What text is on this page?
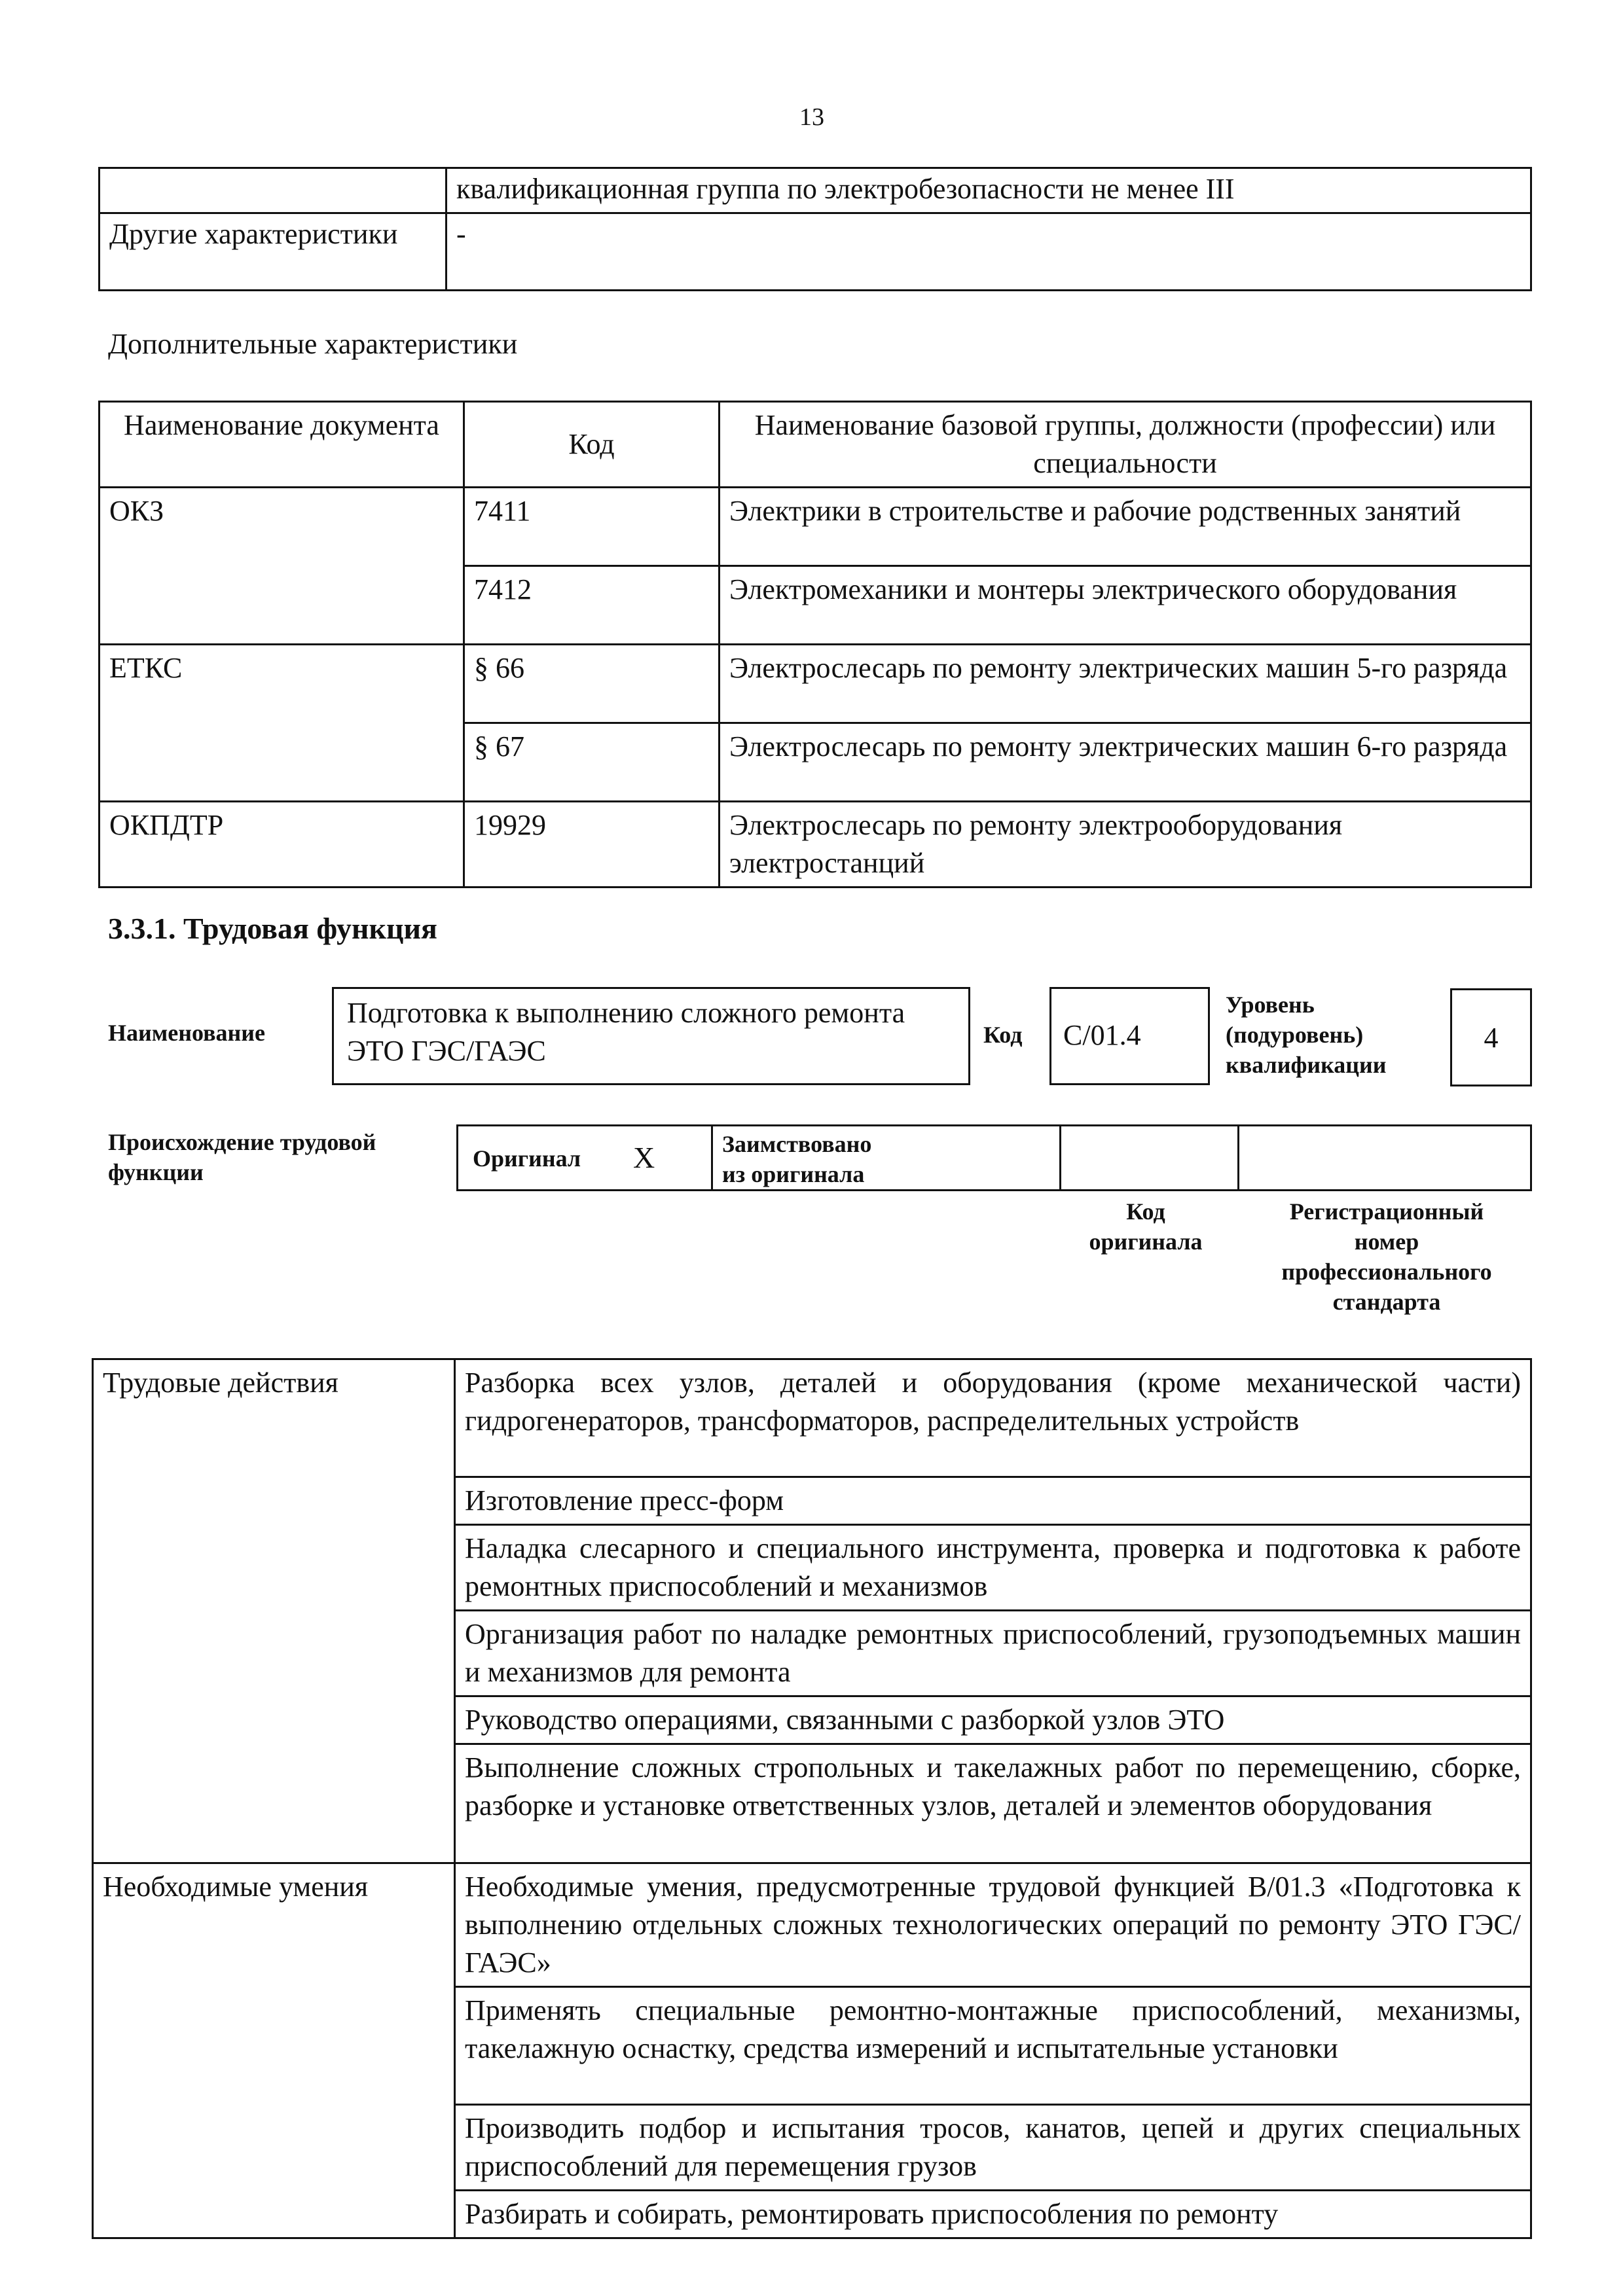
13
	квалификационная группа по электробезопасности не менее III
Другие характеристики	-
Дополнительные характеристики
Наименование документа	Код	Наименование базовой группы, должности (профессии) или специальности
ОКЗ	7411	Электрики в строительстве и рабочие родственных занятий
	7412	Электромеханики и монтеры электрического оборудования
ЕТКС	§ 66	Электрослесарь по ремонту электрических машин 5-го разряда
	§ 67	Электрослесарь по ремонту электрических машин 6-го разряда
ОКПДТР	19929	Электрослесарь по ремонту электрооборудования электростанций
3.3.1. Трудовая функция
Наименование
Подготовка к выполнению сложного ремонта ЭТО ГЭС/ГАЭС	Код	С/01.4
Уровень (подуровень) квалификации
4
Происхождение трудовой функции
Оригинал X	Заимствовано из оригинала
Код оригинала
Регистрационный номер профессионального стандарта
Трудовые действия	Разборка всех узлов, деталей и оборудования (кроме механической части) гидрогенераторов, трансформаторов, распределительных устройств
	Изготовление пресс-форм
	Наладка слесарного и специального инструмента, проверка и подготовка к работе ремонтных приспособлений и механизмов
	Организация работ по наладке ремонтных приспособлений, грузоподъемных машин и механизмов для ремонта
	Руководство операциями, связанными с разборкой узлов ЭТО
	Выполнение сложных стропольных и такелажных работ по перемещению, сборке, разборке и установке ответственных узлов, деталей и элементов оборудования
Необходимые умения	Необходимые умения, предусмотренные трудовой функцией В/01.3 «Подготовка к выполнению отдельных сложных технологических операций по ремонту ЭТО ГЭС/ГАЭС»
	Применять специальные ремонтно-монтажные приспособлений, механизмы, такелажную оснастку, средства измерений и испытательные установки
	Производить подбор и испытания тросов, канатов, цепей и других специальных приспособлений для перемещения грузов
	Разбирать и собирать, ремонтировать приспособления по ремонту
